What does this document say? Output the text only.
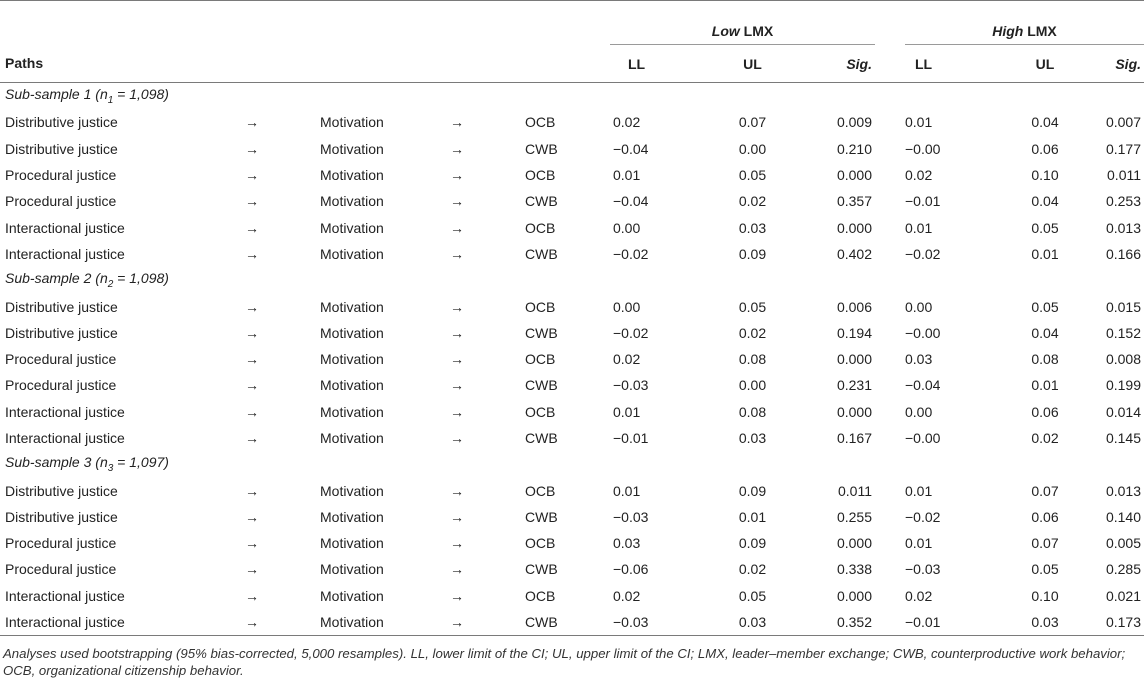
					Low LMX				High LMX		
Paths					LL	UL	Sig.		LL	UL	Sig.
Sub-sample 1 $(n_1 = 1,098)$											
Distributive justice	→	Motivation	→	OCB	0.02	0.07	0.009		0.01	0.04	0.007
Distributive justice	→	Motivation	→	CWB	−0.04	0.00	0.210		−0.00	0.06	0.177
Procedural justice	→	Motivation	→	OCB	0.01	0.05	0.000		0.02	0.10	0.011
Procedural justice	→	Motivation	→	CWB	−0.04	0.02	0.357		−0.01	0.04	0.253
Interactional justice	→	Motivation	→	OCB	0.00	0.03	0.000		0.01	0.05	0.013
Interactional justice	→	Motivation	→	CWB	−0.02	0.09	0.402		−0.02	0.01	0.166
Sub-sample 2 $(n_2 = 1,098)$											
Distributive justice	→	Motivation	→	OCB	0.00	0.05	0.006		0.00	0.05	0.015
Distributive justice	→	Motivation	→	CWB	−0.02	0.02	0.194		−0.00	0.04	0.152
Procedural justice	→	Motivation	→	OCB	0.02	0.08	0.000		0.03	0.08	0.008
Procedural justice	→	Motivation	→	CWB	−0.03	0.00	0.231		−0.04	0.01	0.199
Interactional justice	→	Motivation	→	OCB	0.01	0.08	0.000		0.00	0.06	0.014
Interactional justice	→	Motivation	→	CWB	−0.01	0.03	0.167		−0.00	0.02	0.145
Sub-sample 3 $(n_3 = 1,097)$											
Distributive justice	→	Motivation	→	OCB	0.01	0.09	0.011		0.01	0.07	0.013
Distributive justice	→	Motivation	→	CWB	−0.03	0.01	0.255		−0.02	0.06	0.140
Procedural justice	→	Motivation	→	OCB	0.03	0.09	0.000		0.01	0.07	0.005
Procedural justice	→	Motivation	→	CWB	−0.06	0.02	0.338		−0.03	0.05	0.285
Interactional justice	→	Motivation	→	OCB	0.02	0.05	0.000		0.02	0.10	0.021
Interactional justice	→	Motivation	→	CWB	−0.03	0.03	0.352		−0.01	0.03	0.173
Analyses used bootstrapping (95% bias-corrected, 5,000 resamples). LL, lower limit of the CI; UL, upper limit of the CI; LMX, leader–member exchange; CWB, counterproductive work behavior; OCB, organizational citizenship behavior.
